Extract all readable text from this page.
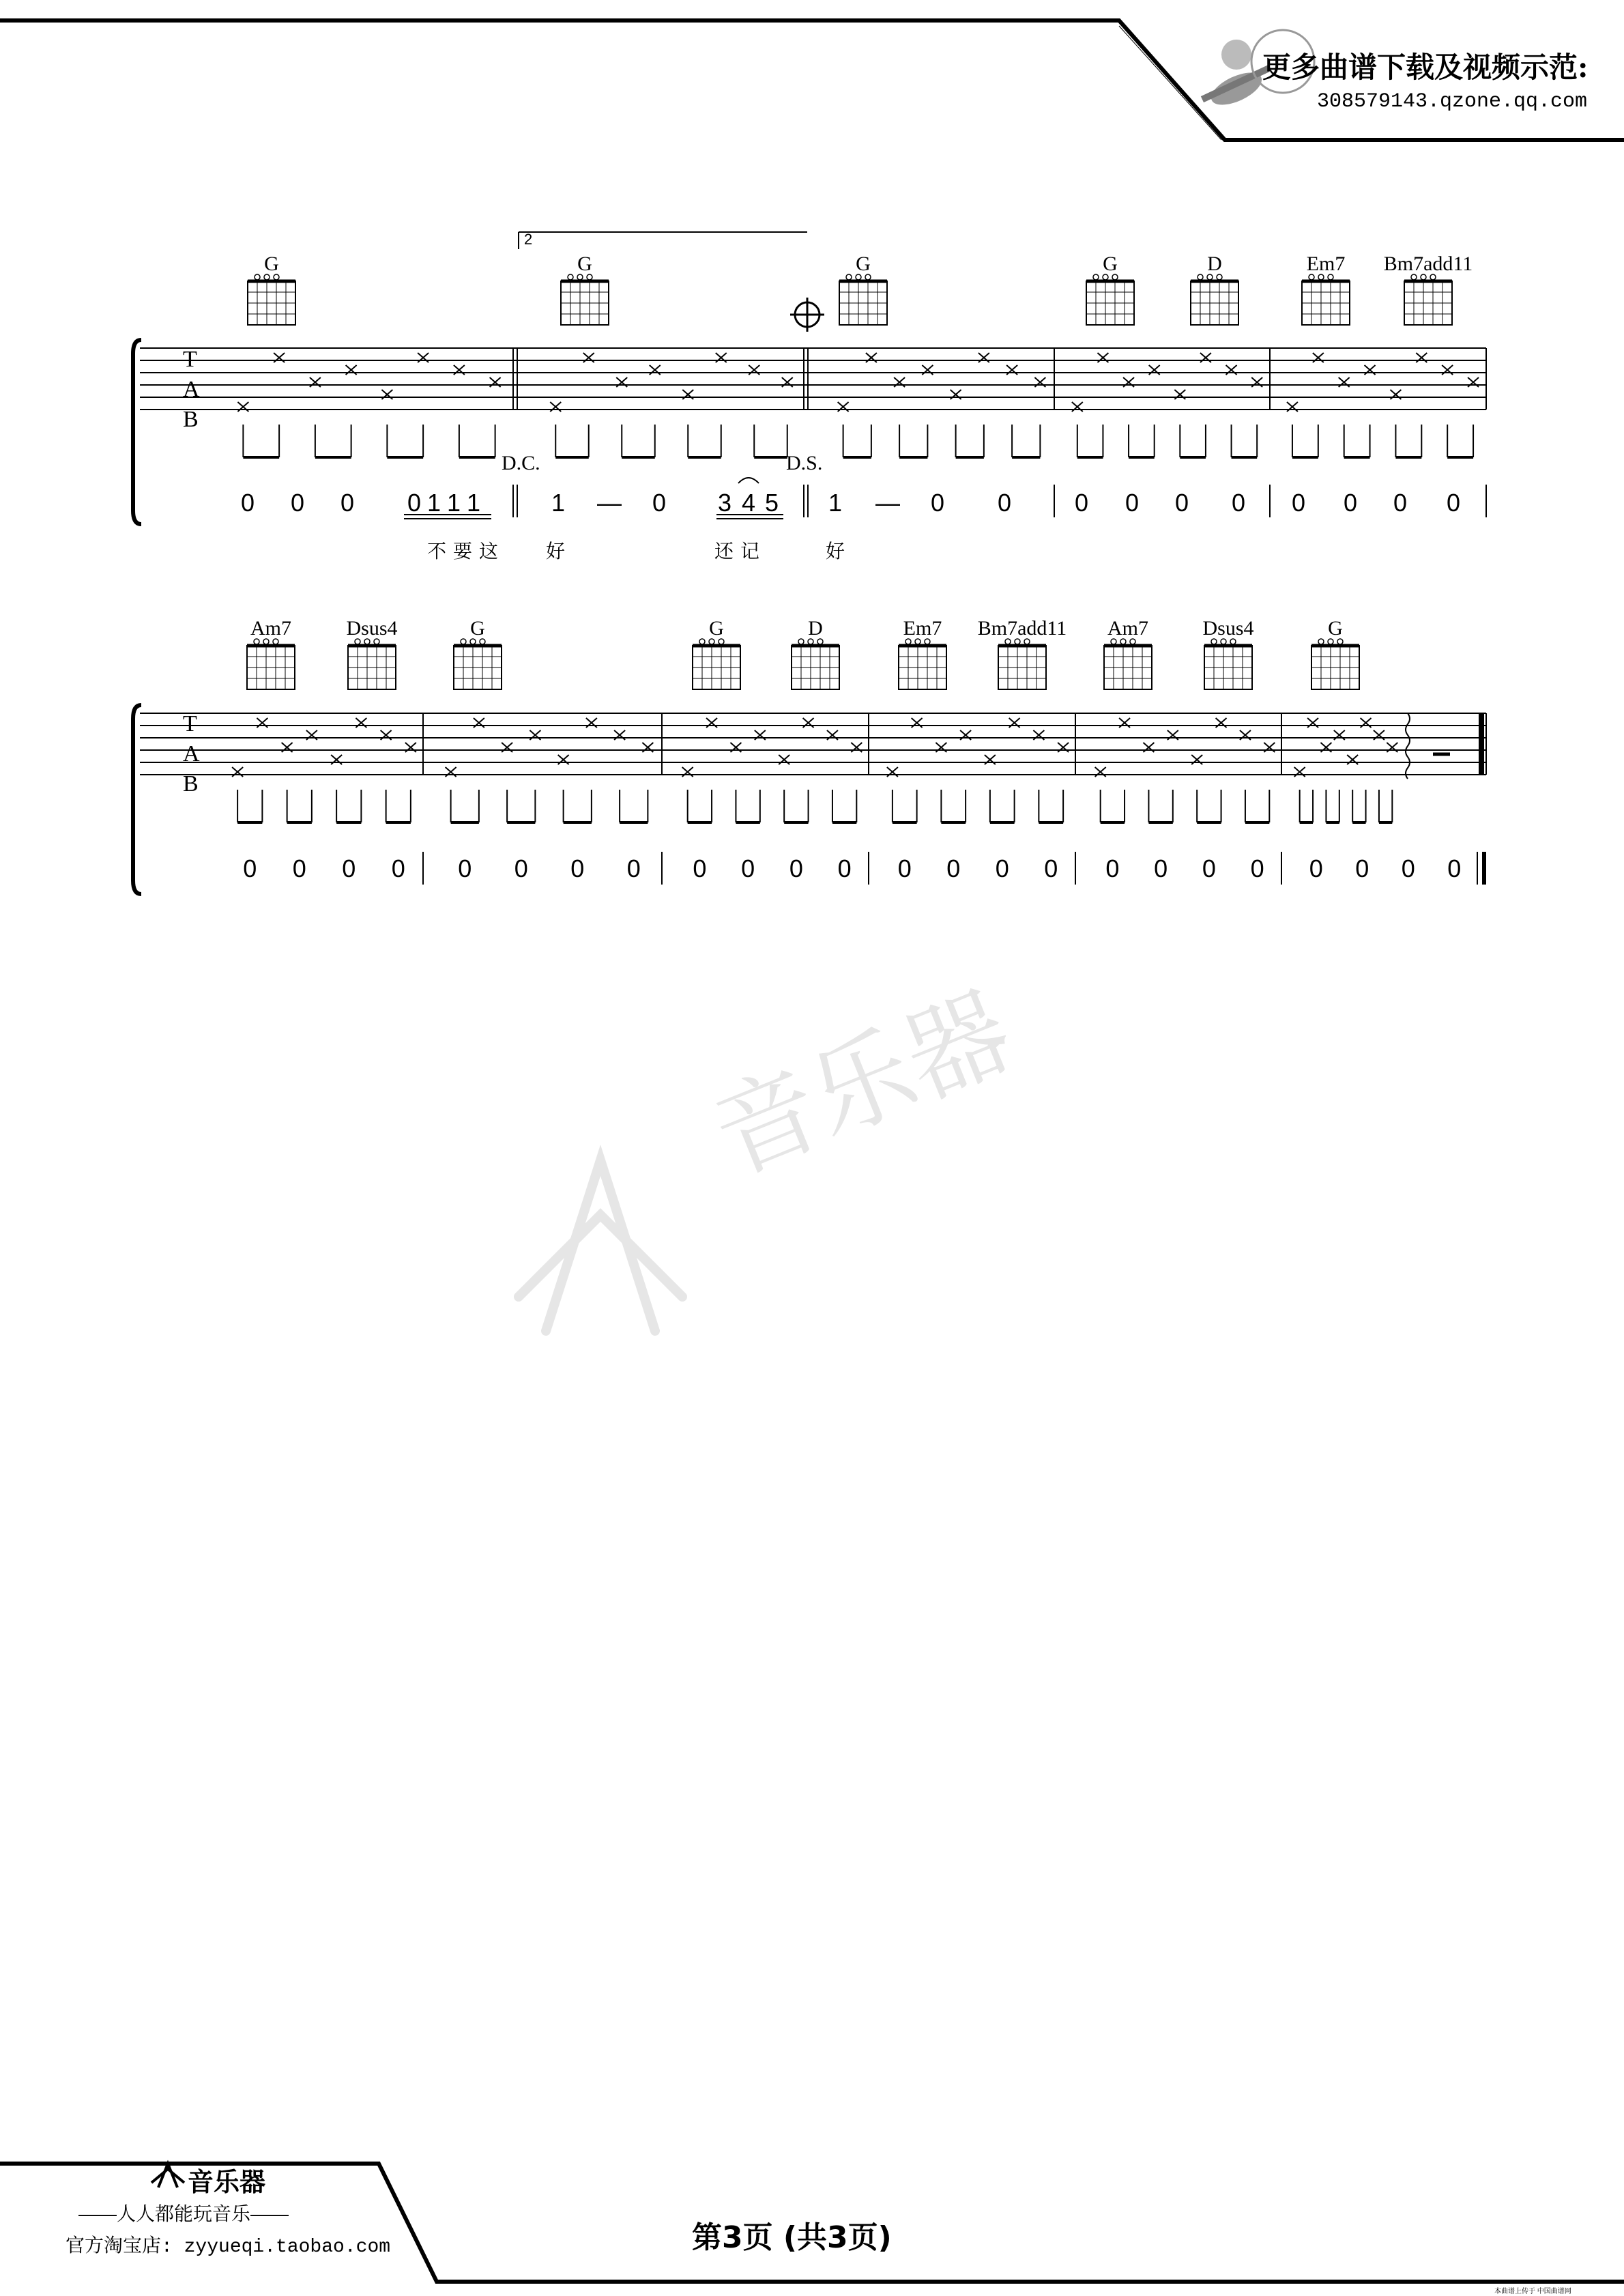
更多曲谱下载及视频示范:
308579143.qzone.qq.com
2
T
A
B
G	G	G	G	D	Em7 Bm7add11
D.C.	D.S.
0 0 0 0 1 1 1	1 — 0 3 4 5 1 — 0 0	0 0 0 0 0 0 0 0
不要这 好	还记	好
T
A
B
Am7	Dsus4	G	G	D	Em7 Bm7add11 Am7	Dsus4	G
0 0 0 0 0 0 0 0 0 0 0 0 0 0 0 0 0 0 0 0 0 0 0 0
音乐器
音乐器
——人人都能玩音乐——
官方淘宝店: zyyueqi.taobao.com	第3页 (共3页)
本曲谱上传于 中国曲谱网
